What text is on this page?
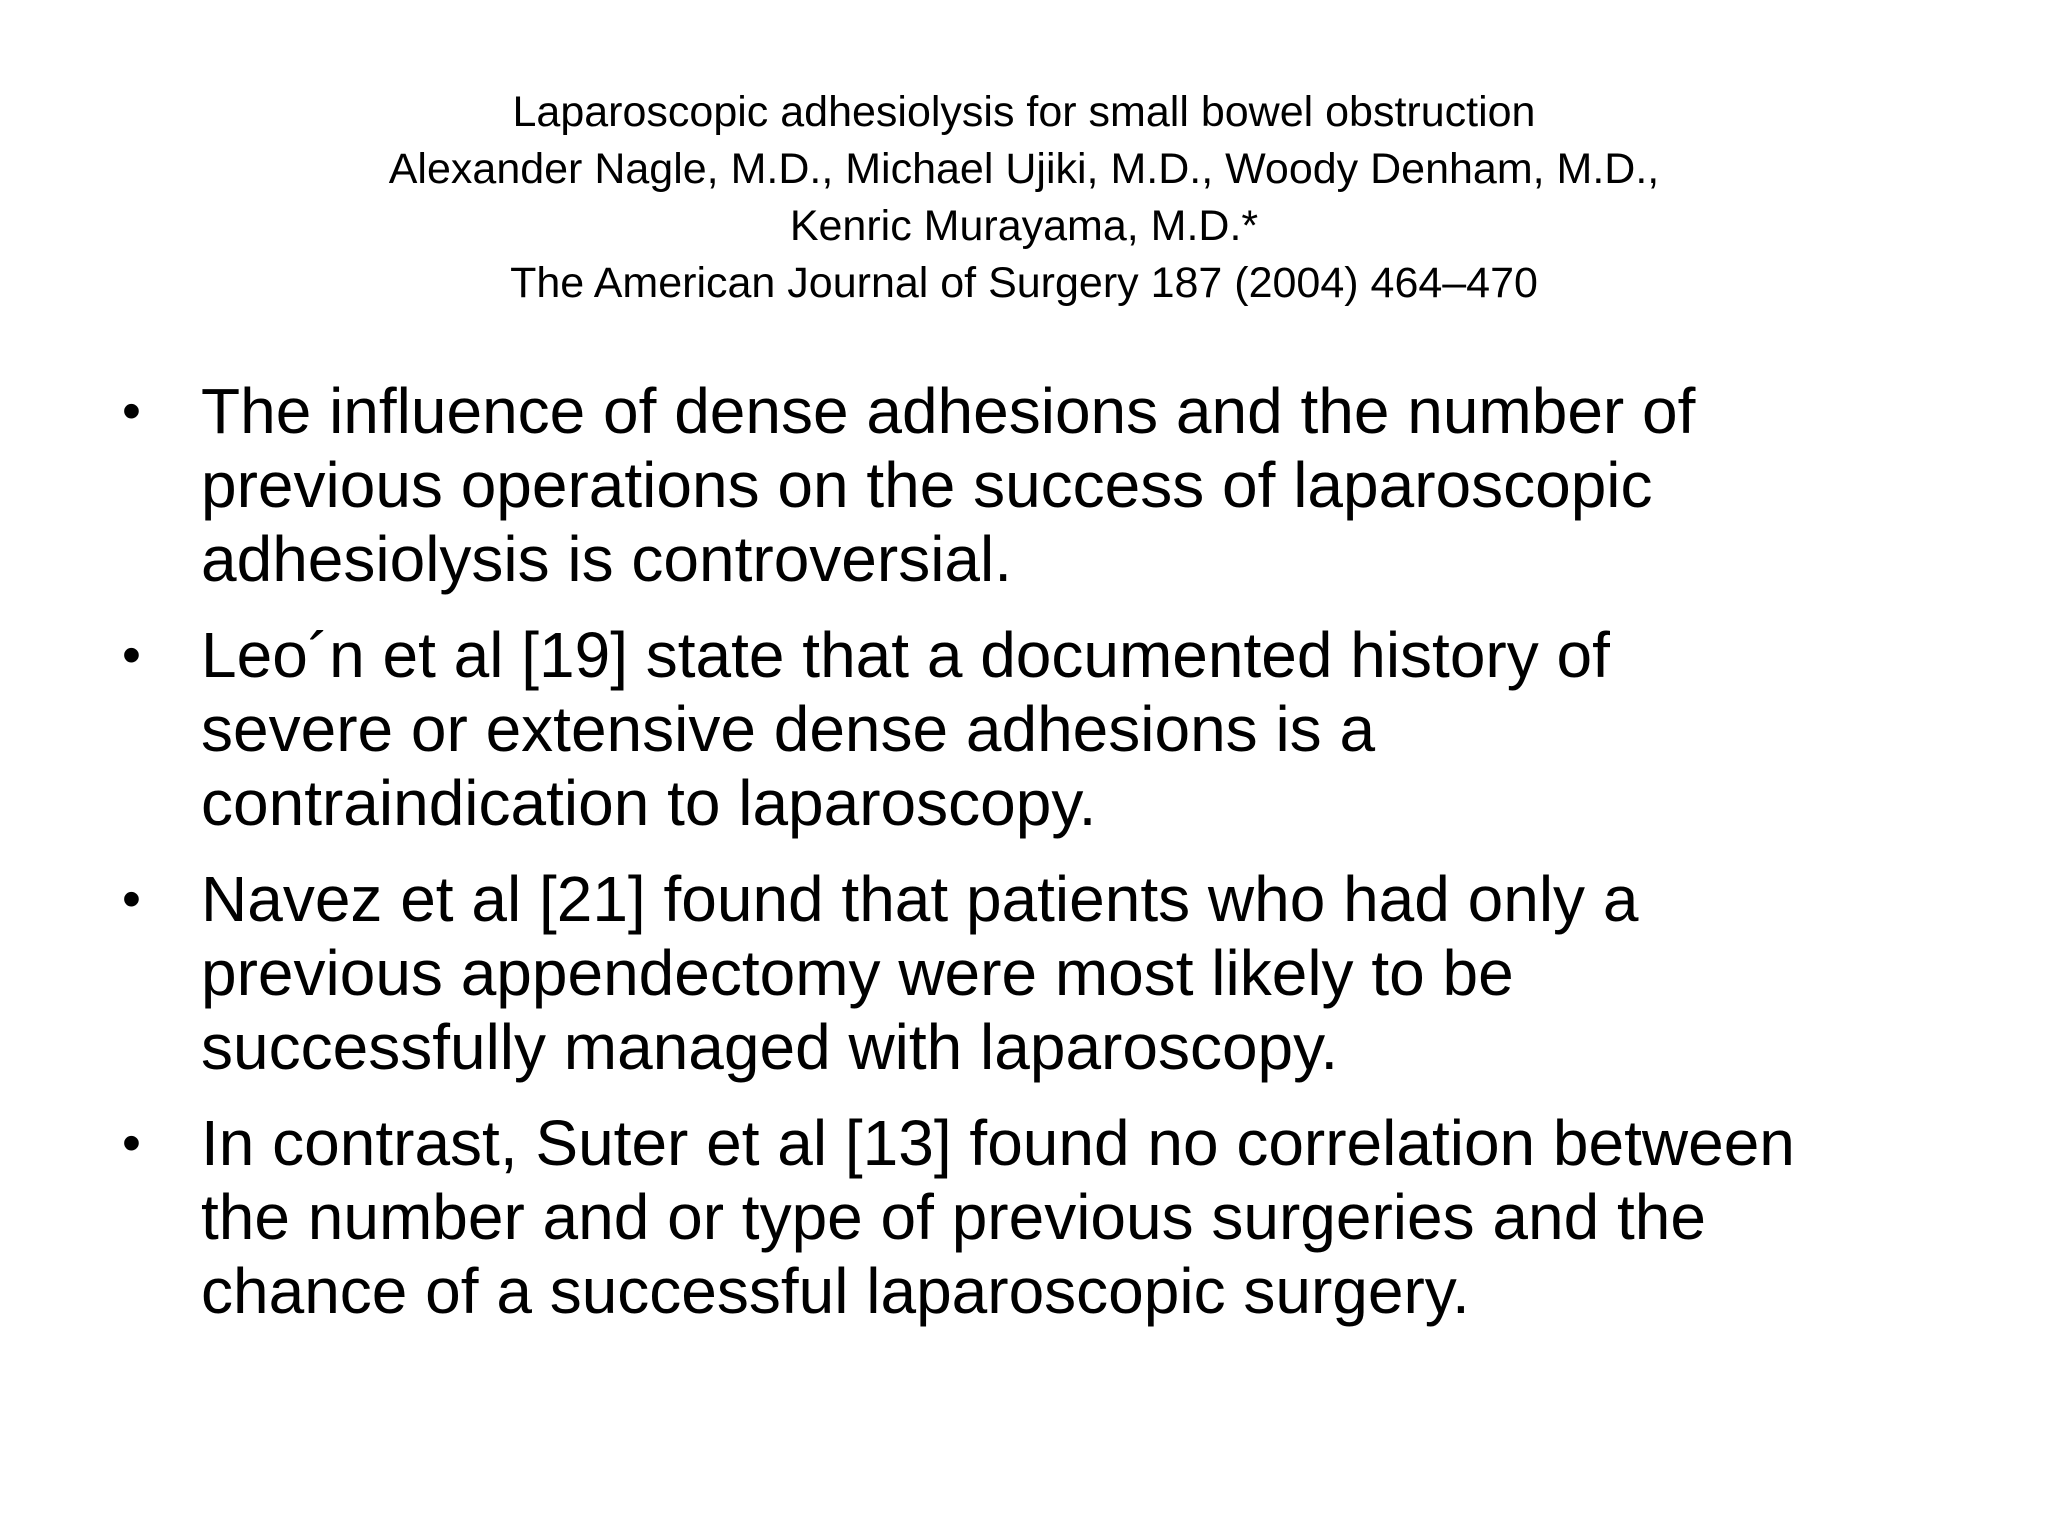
Laparoscopic adhesiolysis for small bowel obstruction
Alexander Nagle, M.D., Michael Ujiki, M.D., Woody Denham, M.D.,
Kenric Murayama, M.D.*
The American Journal of Surgery 187 (2004) 464–470
• The influence of dense adhesions and the number of
previous operations on the success of laparoscopic
adhesiolysis is controversial.
• Leo´n et al [19] state that a documented history of
severe or extensive dense adhesions is a
contraindication to laparoscopy.
• Navez et al [21] found that patients who had only a
previous appendectomy were most likely to be
successfully managed with laparoscopy.
• In contrast, Suter et al [13] found no correlation between
the number and or type of previous surgeries and the
chance of a successful laparoscopic surgery.
